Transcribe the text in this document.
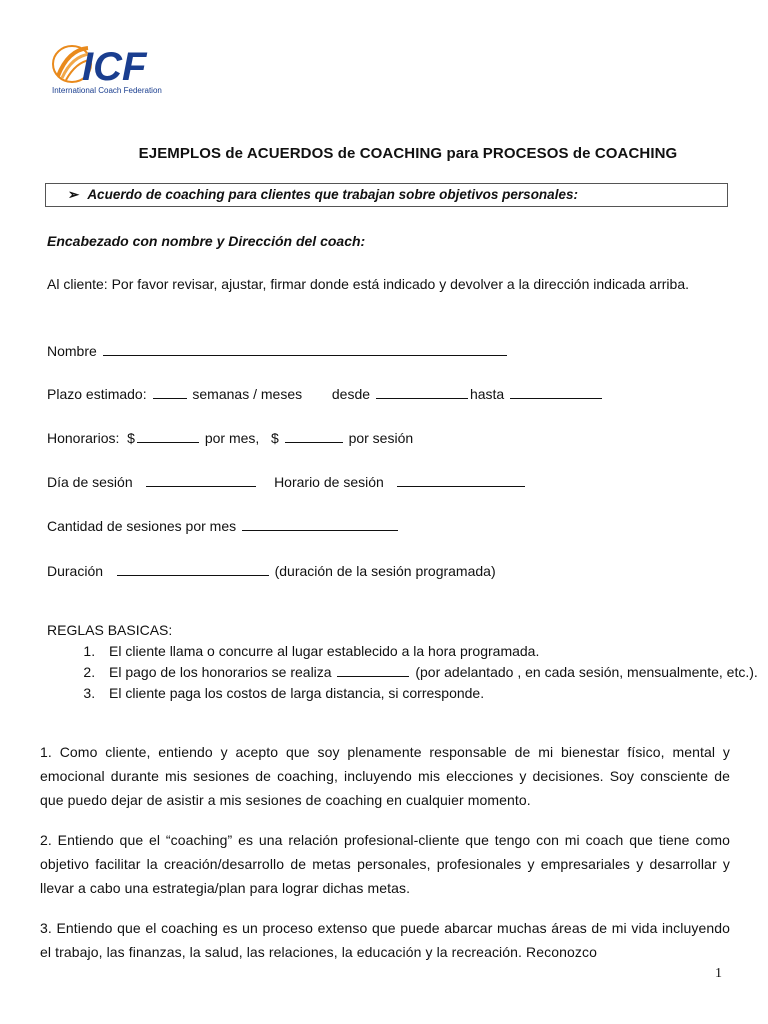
ICF
International Coach Federation
EJEMPLOS de ACUERDOS de COACHING para PROCESOS de COACHING
➢ Acuerdo de coaching para clientes que trabajan sobre objetivos personales:
Encabezado con nombre y Dirección del coach:
Al cliente: Por favor revisar, ajustar, firmar donde está indicado y devolver a la dirección indicada arriba.
Nombre
Plazo estimado:	semanas / meses desde	hasta
Honorarios: $	por mes, $	por sesión
Día de sesión	Horario de sesión
Cantidad de sesiones por mes
Duración	(duración de la sesión programada)
REGLAS BASICAS:
1. El cliente llama o concurre al lugar establecido a la hora programada.
2. El pago de los honorarios se realiza	(por adelantado , en cada sesión, mensualmente, etc.).
3. El cliente paga los costos de larga distancia, si corresponde.
1. Como cliente, entiendo y acepto que soy plenamente responsable de mi bienestar físico, mental y emocional durante mis sesiones de coaching, incluyendo mis elecciones y decisiones. Soy consciente de que puedo dejar de asistir a mis sesiones de coaching en cualquier momento.
2. Entiendo que el “coaching” es una relación profesional-cliente que tengo con mi coach que tiene como objetivo facilitar la creación/desarrollo de metas personales, profesionales y empresariales y desarrollar y llevar a cabo una estrategia/plan para lograr dichas metas.
3. Entiendo que el coaching es un proceso extenso que puede abarcar muchas áreas de mi vida incluyendo el trabajo, las finanzas, la salud, las relaciones, la educación y la recreación. Reconozco
1
